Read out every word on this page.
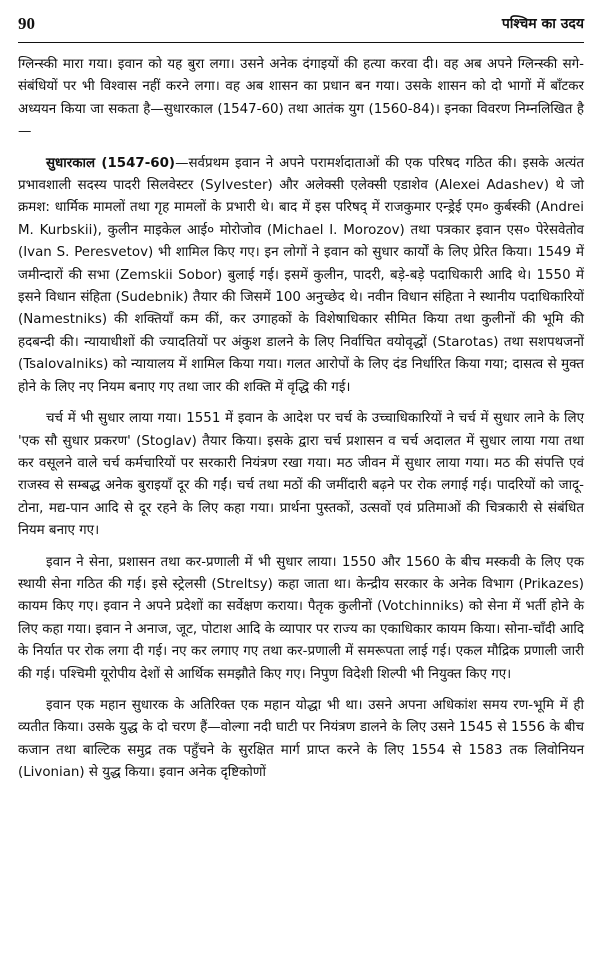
90	पश्चिम का उदय

ग्लिन्स्की मारा गया। इवान को यह बुरा लगा। उसने अनेक दंगाइयों की हत्या करवा दी। वह अब अपने ग्लिन्स्की सगे-संबंधियों पर भी विश्वास नहीं करने लगा। वह अब शासन का प्रधान बन गया। उसके शासन को दो भागों में बाँटकर अध्ययन किया जा सकता है—सुधारकाल (1547-60) तथा आतंक युग (1560-84)। इनका विवरण निम्नलिखित है—

सुधारकाल (1547-60)—सर्वप्रथम इवान ने अपने परामर्शदाताओं की एक परिषद गठित की। इसके अत्यंत प्रभावशाली सदस्य पादरी सिलवेस्टर (Sylvester) और अलेक्सी एलेक्सी एडाशेव (Alexei Adashev) थे जो क्रमश: धार्मिक मामलों तथा गृह मामलों के प्रभारी थे। बाद में इस परिषद् में राजकुमार एन्ड्रेई एम० कुर्बस्की (Andrei M. Kurbskii), कुलीन माइकेल आई० मोरोजोव (Michael I. Morozov) तथा पत्रकार इवान एस० पेरेसवेतोव (Ivan S. Peresvetov) भी शामिल किए गए। इन लोगों ने इवान को सुधार कार्यों के लिए प्रेरित किया। 1549 में जमीन्दारों की सभा (Zemskii Sobor) बुलाई गई। इसमें कुलीन, पादरी, बड़े-बड़े पदाधिकारी आदि थे। 1550 में इसने विधान संहिता (Sudebnik) तैयार की जिसमें 100 अनुच्छेद थे। नवीन विधान संहिता ने स्थानीय पदाधिकारियों (Namestniks) की शक्तियाँ कम कीं, कर उगाहकों के विशेषाधिकार सीमित किया तथा कुलीनों की भूमि की हदबन्दी की। न्यायाधीशों की ज्यादतियों पर अंकुश डालने के लिए निर्वाचित वयोवृद्धों (Starotas) तथा सशपथजनों (Tsalovalniks) को न्यायालय में शामिल किया गया। गलत आरोपों के लिए दंड निर्धारित किया गया; दासत्व से मुक्त होने के लिए नए नियम बनाए गए तथा जार की शक्ति में वृद्धि की गई।

चर्च में भी सुधार लाया गया। 1551 में इवान के आदेश पर चर्च के उच्चाधिकारियों ने चर्च में सुधार लाने के लिए 'एक सौ सुधार प्रकरण' (Stoglav) तैयार किया। इसके द्वारा चर्च प्रशासन व चर्च अदालत में सुधार लाया गया तथा कर वसूलने वाले चर्च कर्मचारियों पर सरकारी नियंत्रण रखा गया। मठ जीवन में सुधार लाया गया। मठ की संपत्ति एवं राजस्व से सम्बद्ध अनेक बुराइयाँ दूर की गईं। चर्च तथा मठों की जमींदारी बढ़ने पर रोक लगाई गई। पादरियों को जादू-टोना, मद्य-पान आदि से दूर रहने के लिए कहा गया। प्रार्थना पुस्तकों, उत्सवों एवं प्रतिमाओं की चित्रकारी से संबंधित नियम बनाए गए।

इवान ने सेना, प्रशासन तथा कर-प्रणाली में भी सुधार लाया। 1550 और 1560 के बीच मस्कवी के लिए एक स्थायी सेना गठित की गई। इसे स्ट्रेलसी (Streltsy) कहा जाता था। केन्द्रीय सरकार के अनेक विभाग (Prikazes) कायम किए गए। इवान ने अपने प्रदेशों का सर्वेक्षण कराया। पैतृक कुलीनों (Votchinniks) को सेना में भर्ती होने के लिए कहा गया। इवान ने अनाज, जूट, पोटाश आदि के व्यापार पर राज्य का एकाधिकार कायम किया। सोना-चाँदी आदि के निर्यात पर रोक लगा दी गई। नए कर लगाए गए तथा कर-प्रणाली में समरूपता लाई गई। एकल मौद्रिक प्रणाली जारी की गई। पश्चिमी यूरोपीय देशों से आर्थिक समझौते किए गए। निपुण विदेशी शिल्पी भी नियुक्त किए गए।

इवान एक महान सुधारक के अतिरिक्त एक महान योद्धा भी था। उसने अपना अधिकांश समय रण-भूमि में ही व्यतीत किया। उसके युद्ध के दो चरण हैं—वोल्गा नदी घाटी पर नियंत्रण डालने के लिए उसने 1545 से 1556 के बीच कजान तथा बाल्टिक समुद्र तक पहुँचने के सुरक्षित मार्ग प्राप्त करने के लिए 1554 से 1583 तक लिवोनियन (Livonian) से युद्ध किया। इवान अनेक दृष्टिकोणों
